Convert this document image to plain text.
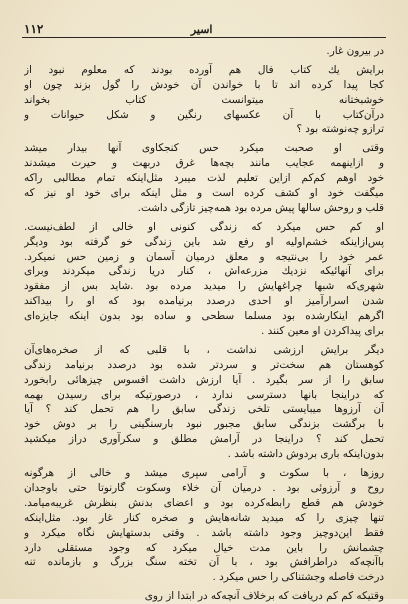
۱۱۲	اسیر
در بیرون غار.
برایش یك کتاب فال هم آورده بودند که معلوم نبود از
کجا پیدا کرده اند تا با خواندن آن خودش را گول بزند چون او
خوشبختانه میتوانست کتاب بخواند
درآن‌کتاب با آن عکسهای رنگین و شکل حیوانات و
ترازو چه‌نوشته بود ؟
وقتی او صحبت میکرد حس کنجکاوی آنها بیدار میشد
و ازاینهمه عجایب مانند بچه‌ها غرق دربهت و حیرت میشدند
خود اوهم کم‌کم ازاین تعلیم لذت میبرد مثل‌اینکه تمام مطالبی را‌که
میگفت خود او کشف کرده است و مثل اینکه برای خود او نیز که
قلب و روحش سالها پیش مرده بود همه‌چیز تازگی داشت.
او کم حس میکرد که زندگی کنونی او خالی از لطف‌نیست.
پس‌ازاینکه خشم‌اولیه او رفع شد باین زندگی خو گرفته بود ودیگر
عمر خود را بی‌نتیجه و معلق درمیان آسمان و زمین حس نمیکرد.
برای آنهائیکه نزدیك مزرعه‌اش ، کنار دریا زندگی میکردند وبرای
شهری‌که شبها چراغهایش را میدید مرده بود .شاید بس از مفقود
شدن اسرارآمیز او احدی درصدد برنیامده بود که او را بیدا‌کند
اگرهم اینکارشده بود مسلما سطحی و ساده بود بدون اینکه جایزه‌ای
برای پیدا‌کردن او معین کنند .
دیگر برایش ارزشی نداشت ، با قلبی که از صخره‌های‌آن
کوهستان هم سخت‌تر و سردتر شده بود درصدد برنیامد زندگی
سابق را از سر بگیرد . آیا ارزش داشت افسوس چیزهائی رابخورد
که دراینجا با‌نها دسترسی ندارد ، درصورتیکه برای رسیدن بهمه
آن آرزوها میبایستی تلخی زندگی سابق را هم تحمل کند ؟ آیا
با برگشت بزندگی سابق مجبور نبود بارسنگینی را بر دوش خود
تحمل کند ؟ دراینجا در آرامش مطلق و سکر‌آوری دراز میکشید
بدون‌اینکه باری بر‌دوش داشته باشد .
روزها ، با سکوت و آرامی سپری میشد و خالی از هرگونه
روح و آرزوئی بود . درمیان آن خلاء وسکوت گارنوتا حتی باوجدان
خودش هم قطع رابطه‌کرده بود و اعضای بدنش بنظرش غریبه‌میامد.
تنها چیزی را که میدید شانه‌هایش و صخره کنار غار بود. مثل‌اینکه
فقط این‌دوچیز وجود داشته باشد . وقتی بدستهایش نگاه میکرد و
چشمانش را باین مدت خیال میکرد که وجود مستقلی دارد
باآنچه‌که دراطرافش بود ، با آن تخته سنگ بزرگ و بازمانده تنه
درخت فاصله وجشتناکی را حس میکرد .
وقتیکه کم کم دریافت که برخلاف آنچه‌که در ابتدا از روی
